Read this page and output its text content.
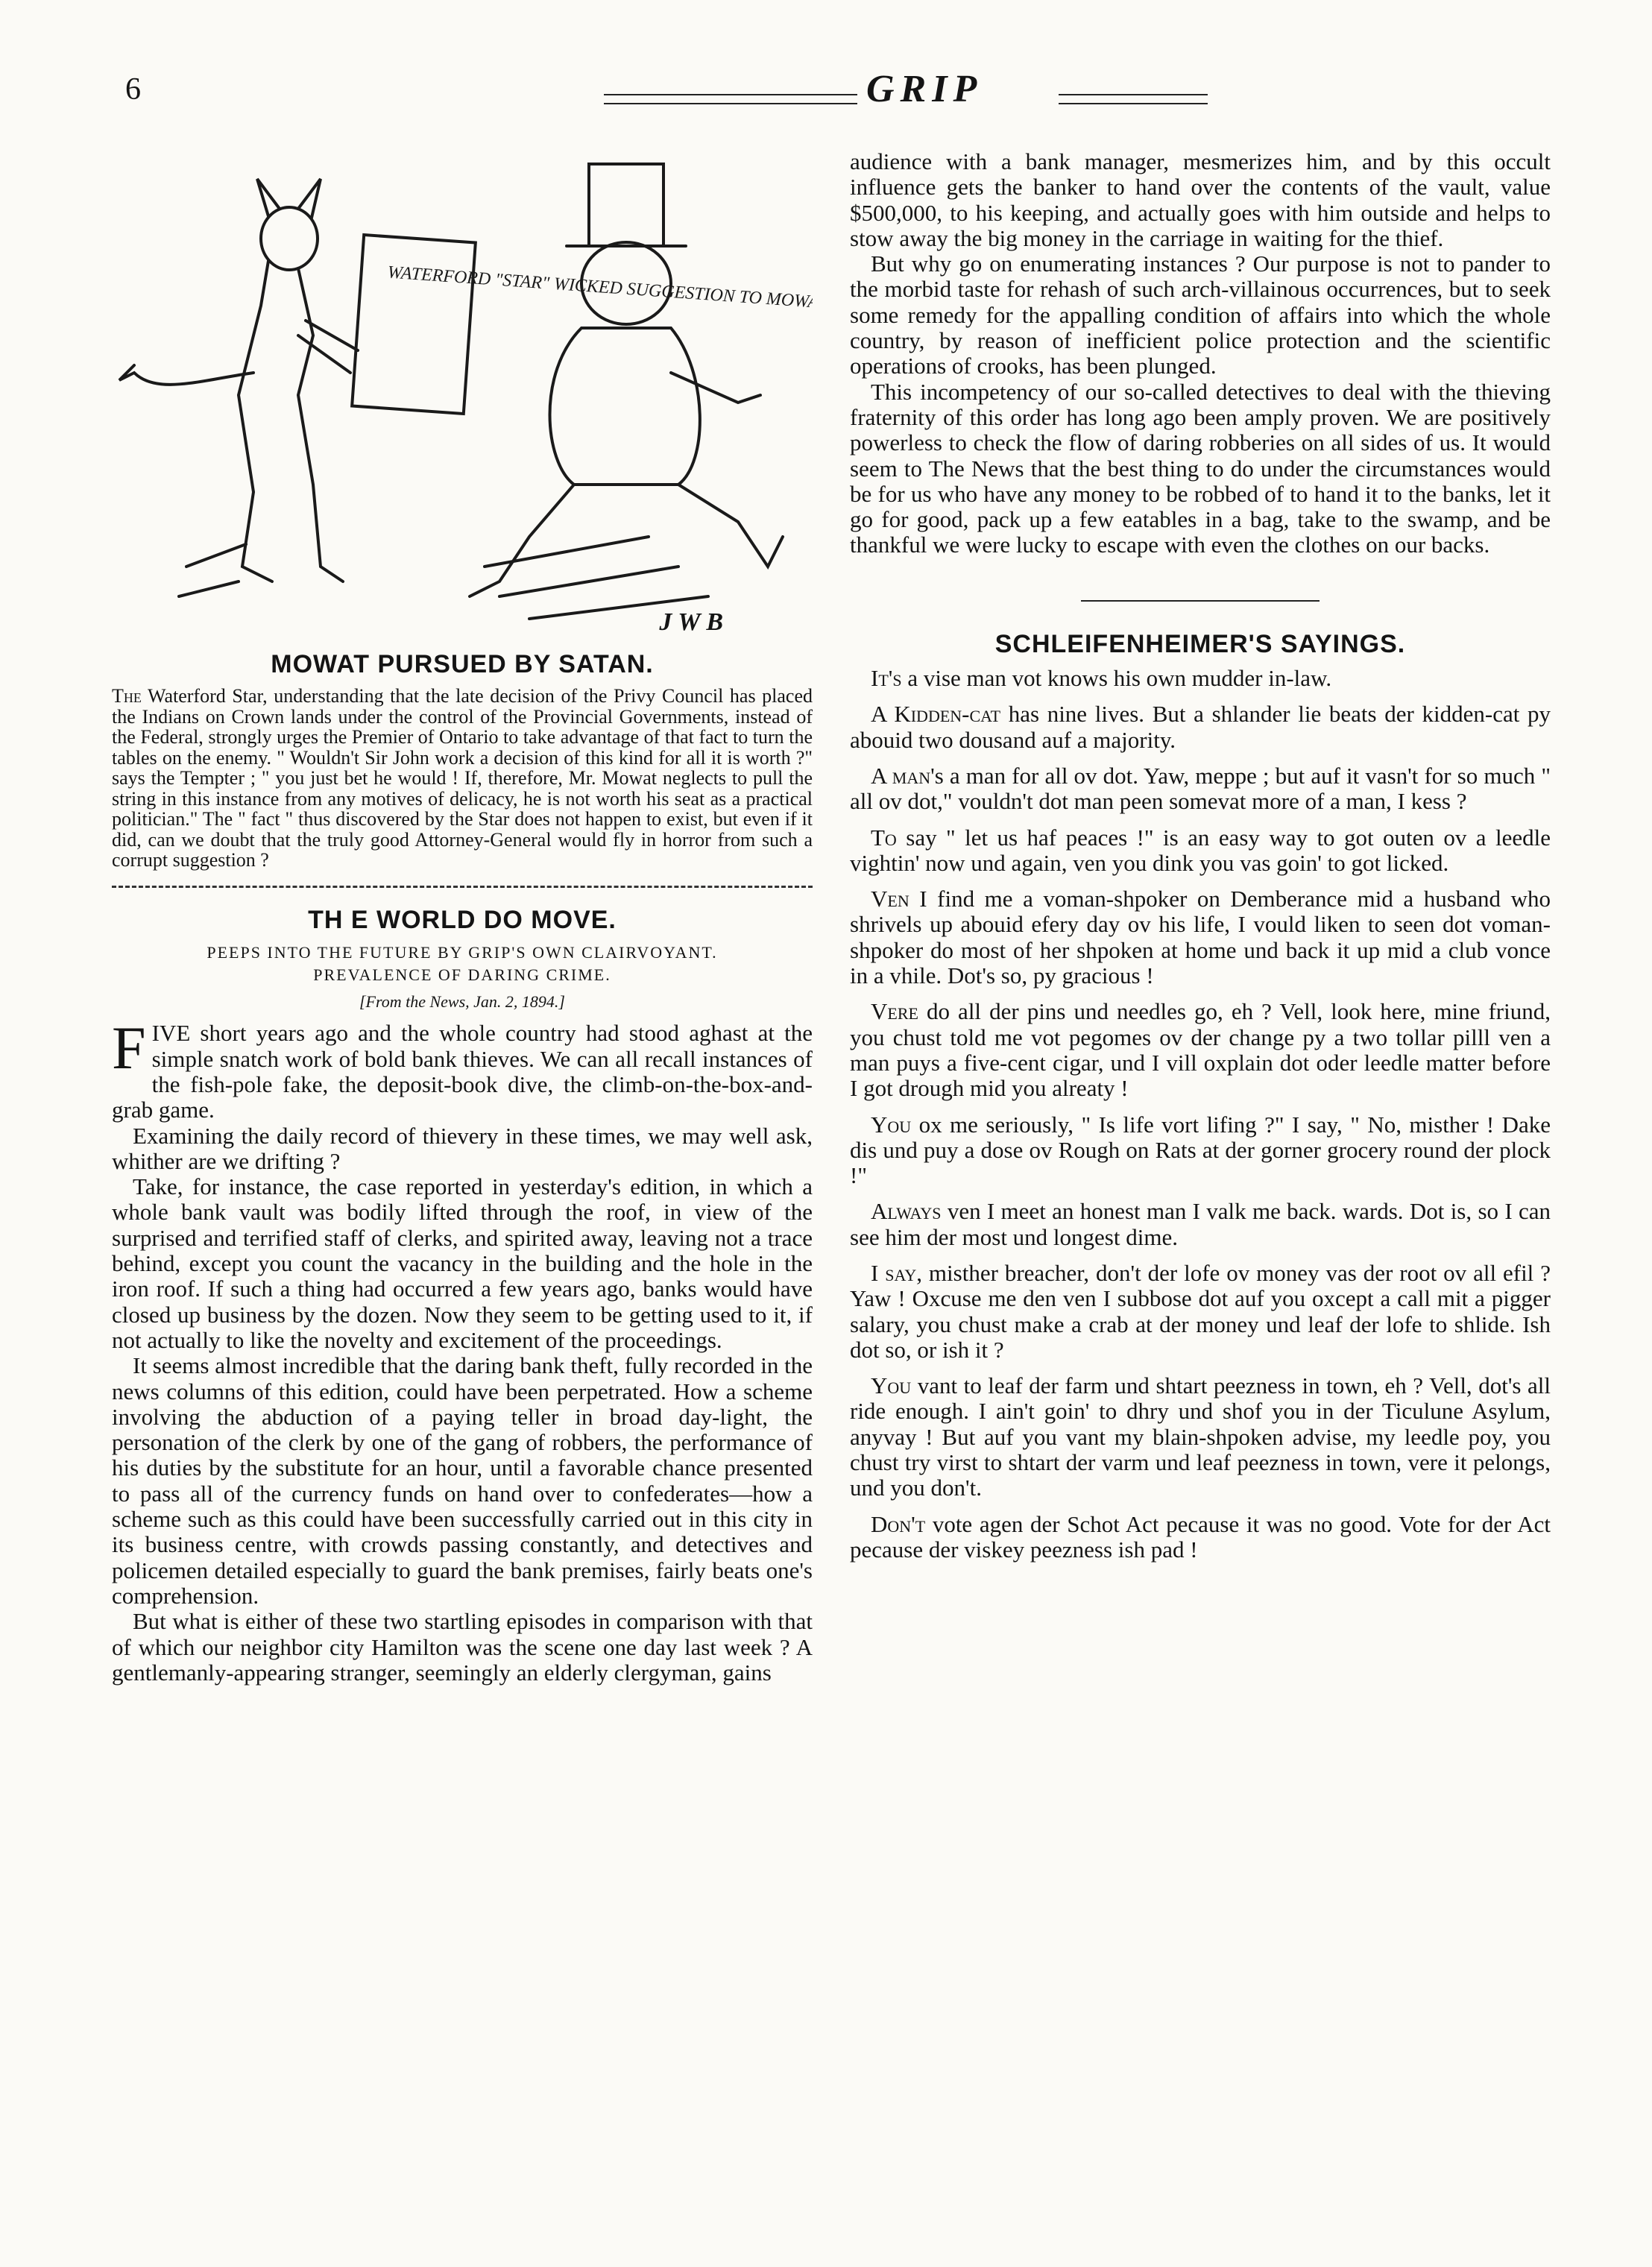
6	GRIP
WATERFORD "STAR" WICKED SUGGESTION TO MOWAT.
J W B
MOWAT PURSUED BY SATAN.

The Waterford Star, understanding that the late decision of the Privy Council has placed the Indians on Crown lands under the control of the Provincial Governments, instead of the Federal, strongly urges the Premier of Ontario to take advantage of that fact to turn the tables on the enemy. " Wouldn't Sir John work a decision of this kind for all it is worth ?" says the Tempter ; " you just bet he would ! If, therefore, Mr. Mowat neglects to pull the string in this instance from any motives of delicacy, he is not worth his seat as a practical politician." The " fact " thus discovered by the Star does not happen to exist, but even if it did, can we doubt that the truly good Attorney-General would fly in horror from such a corrupt suggestion ?

TH E WORLD DO MOVE.
PEEPS INTO THE FUTURE BY GRIP'S OWN CLAIRVOYANT.
PREVALENCE OF DARING CRIME.
[From the News, Jan. 2, 1894.]

FIVE short years ago and the whole country had stood aghast at the simple snatch work of bold bank thieves. We can all recall instances of the fish-pole fake, the deposit-book dive, the climb-on-the-box-and-grab game.

Examining the daily record of thievery in these times, we may well ask, whither are we drifting ?

Take, for instance, the case reported in yesterday's edition, in which a whole bank vault was bodily lifted through the roof, in view of the surprised and terrified staff of clerks, and spirited away, leaving not a trace behind, except you count the vacancy in the building and the hole in the iron roof. If such a thing had occurred a few years ago, banks would have closed up business by the dozen. Now they seem to be getting used to it, if not actually to like the novelty and excitement of the proceedings.

It seems almost incredible that the daring bank theft, fully recorded in the news columns of this edition, could have been perpetrated. How a scheme involving the abduction of a paying teller in broad day-light, the personation of the clerk by one of the gang of robbers, the performance of his duties by the substitute for an hour, until a favorable chance presented to pass all of the currency funds on hand over to confederates—how a scheme such as this could have been successfully carried out in this city in its business centre, with crowds passing constantly, and detectives and policemen detailed especially to guard the bank premises, fairly beats one's comprehension.

But what is either of these two startling episodes in comparison with that of which our neighbor city Hamilton was the scene one day last week ? A gentlemanly-appearing stranger, seemingly an elderly clergyman, gains

audience with a bank manager, mesmerizes him, and by this occult influence gets the banker to hand over the contents of the vault, value $500,000, to his keeping, and actually goes with him outside and helps to stow away the big money in the carriage in waiting for the thief.

But why go on enumerating instances ? Our purpose is not to pander to the morbid taste for rehash of such arch-villainous occurrences, but to seek some remedy for the appalling condition of affairs into which the whole country, by reason of inefficient police protection and the scientific operations of crooks, has been plunged.

This incompetency of our so-called detectives to deal with the thieving fraternity of this order has long ago been amply proven. We are positively powerless to check the flow of daring robberies on all sides of us. It would seem to The News that the best thing to do under the circumstances would be for us who have any money to be robbed of to hand it to the banks, let it go for good, pack up a few eatables in a bag, take to the swamp, and be thankful we were lucky to escape with even the clothes on our backs.

SCHLEIFENHEIMER'S SAYINGS.

It's a vise man vot knows his own mudder in-law.

A Kidden-cat has nine lives. But a shlander lie beats der kidden-cat py abouid two dousand auf a majority.

A man's a man for all ov dot. Yaw, meppe ; but auf it vasn't for so much " all ov dot," vouldn't dot man peen somevat more of a man, I kess ?

To say " let us haf peaces !" is an easy way to got outen ov a leedle vightin' now und again, ven you dink you vas goin' to got licked.

Ven I find me a voman-shpoker on Demberance mid a husband who shrivels up abouid efery day ov his life, I vould liken to seen dot voman-shpoker do most of her shpoken at home und back it up mid a club vonce in a vhile. Dot's so, py gracious !

Vere do all der pins und needles go, eh ? Vell, look here, mine friund, you chust told me vot pegomes ov der change py a two tollar pilll ven a man puys a five-cent cigar, und I vill oxplain dot oder leedle matter before I got drough mid you alreaty !

You ox me seriously, " Is life vort lifing ?" I say, " No, misther ! Dake dis und puy a dose ov Rough on Rats at der gorner grocery round der plock !"

Always ven I meet an honest man I valk me back. wards. Dot is, so I can see him der most und longest dime.

I say, misther breacher, don't der lofe ov money vas der root ov all efil ? Yaw ! Oxcuse me den ven I subbose dot auf you oxcept a call mit a pigger salary, you chust make a crab at der money und leaf der lofe to shlide. Ish dot so, or ish it ?

You vant to leaf der farm und shtart peezness in town, eh ? Vell, dot's all ride enough. I ain't goin' to dhry und shof you in der Ticulune Asylum, anyvay ! But auf you vant my blain-shpoken advise, my leedle poy, you chust try virst to shtart der varm und leaf peezness in town, vere it pelongs, und you don't.

Don't vote agen der Schot Act pecause it was no good. Vote for der Act pecause der viskey peezness ish pad !
